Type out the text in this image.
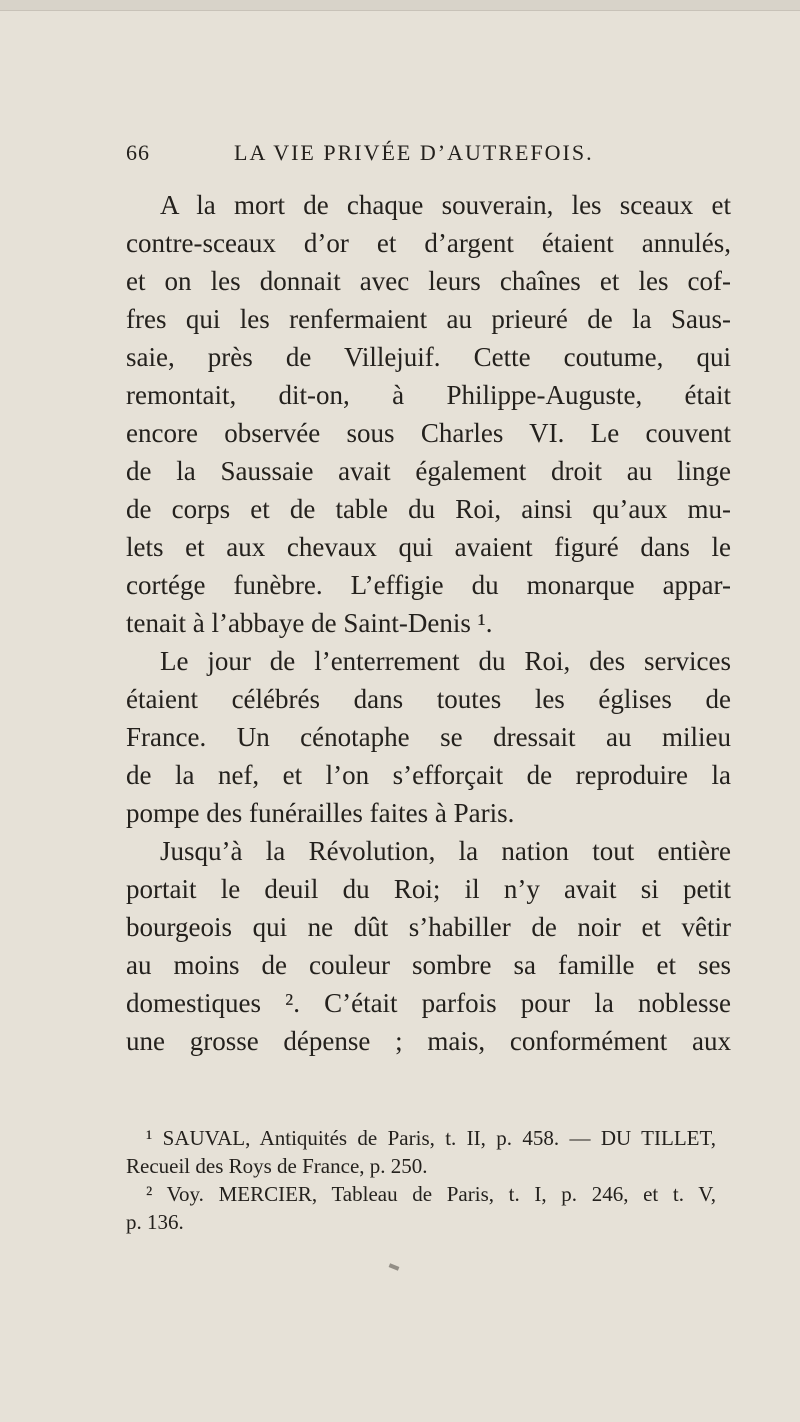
66	LA VIE PRIVÉE D’AUTREFOIS.
A la mort de chaque souverain, les sceaux et
contre-sceaux d’or et d’argent étaient annulés,
et on les donnait avec leurs chaînes et les cof-
fres qui les renfermaient au prieuré de la Saus-
saie, près de Villejuif. Cette coutume, qui
remontait, dit-on, à Philippe-Auguste, était
encore observée sous Charles VI. Le couvent
de la Saussaie avait également droit au linge
de corps et de table du Roi, ainsi qu’aux mu-
lets et aux chevaux qui avaient figuré dans le
cortége funèbre. L’effigie du monarque appar-
tenait à l’abbaye de Saint-Denis ¹.
Le jour de l’enterrement du Roi, des services
étaient célébrés dans toutes les églises de
France. Un cénotaphe se dressait au milieu
de la nef, et l’on s’efforçait de reproduire la
pompe des funérailles faites à Paris.
Jusqu’à la Révolution, la nation tout entière
portait le deuil du Roi; il n’y avait si petit
bourgeois qui ne dût s’habiller de noir et vêtir
au moins de couleur sombre sa famille et ses
domestiques ². C’était parfois pour la noblesse
une grosse dépense ; mais, conformément aux
¹ SAUVAL, Antiquités de Paris, t. II, p. 458. — DU TILLET,
Recueil des Roys de France, p. 250.
² Voy. MERCIER, Tableau de Paris, t. I, p. 246, et t. V,
p. 136.
